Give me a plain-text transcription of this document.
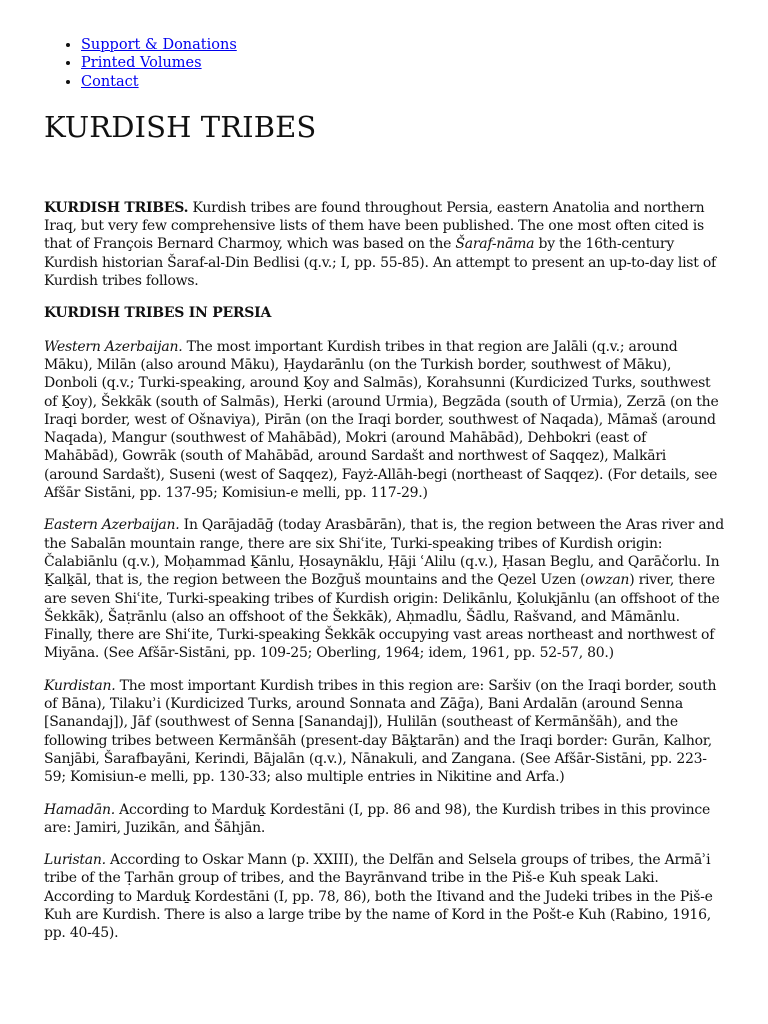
• Support & Donations
• Printed Volumes
• Contact
KURDISH TRIBES

KURDISH TRIBES. Kurdish tribes are found throughout Persia, eastern Anatolia and northern Iraq, but very few comprehensive lists of them have been published. The one most often cited is that of François Bernard Charmoy, which was based on the Šaraf-nāma by the 16th-century Kurdish historian Šaraf-al-Din Bedlisi (q.v.; I, pp. 55-85). An attempt to present an up-to-day list of Kurdish tribes follows.

KURDISH TRIBES IN PERSIA

Western Azerbaijan. The most important Kurdish tribes in that region are Jalāli (q.v.; around Māku), Milān (also around Māku), Ḥaydarānlu (on the Turkish border, southwest of Māku), Donboli (q.v.; Turki-speaking, around Ḵoy and Salmās), Korahsunni (Kurdicized Turks, southwest of Ḵoy), Šekkāk (south of Salmās), Herki (around Urmia), Begzāda (south of Urmia), Zerzā (on the Iraqi border, west of Ošnaviya), Pirān (on the Iraqi border, southwest of Naqada), Māmaš (around Naqada), Mangur (southwest of Mahābād), Mokri (around Mahābād), Dehbokri (east of Mahābād), Gowrāk (south of Mahābād, around Sardašt and northwest of Saqqez), Malkāri (around Sardašt), Suseni (west of Saqqez), Fayż-Allāh-begi (northeast of Saqqez). (For details, see Afšār Sistāni, pp. 137-95; Komisiun-e melli, pp. 117-29.)

Eastern Azerbaijan. In Qarājadāḡ (today Arasbārān), that is, the region between the Aras river and the Sabalān mountain range, there are six Shiʿite, Turki-speaking tribes of Kurdish origin: Čalabiānlu (q.v.), Moḥammad Ḵānlu, Ḥosaynāklu, Ḥāji ʿAlilu (q.v.), Ḥasan Beglu, and Qarāčorlu. In Ḵalḵāl, that is, the region between the Bozḡuš mountains and the Qezel Uzen (owzan) river, there are seven Shiʿite, Turki-speaking tribes of Kurdish origin: Delikānlu, Ḵolukjānlu (an offshoot of the Šekkāk), Šaṭrānlu (also an offshoot of the Šekkāk), Aḥmadlu, Šādlu, Rašvand, and Māmānlu. Finally, there are Shiʿite, Turki-speaking Šekkāk occupying vast areas northeast and northwest of Miyāna. (See Afšār-Sistāni, pp. 109-25; Oberling, 1964; idem, 1961, pp. 52-57, 80.)

Kurdistan. The most important Kurdish tribes in this region are: Saršiv (on the Iraqi border, south of Bāna), Tilakuʾi (Kurdicized Turks, around Sonnata and Zāḡa), Bani Ardalān (around Senna [Sanandaj]), Jāf (southwest of Senna [Sanandaj]), Hulilān (southeast of Kermānšāh), and the following tribes between Kermānšāh (present-day Bāḵtarān) and the Iraqi border: Gurān, Kalhor, Sanjābi, Šarafbayāni, Kerindi, Bājalān (q.v.), Nānakuli, and Zangana. (See Afšār-Sistāni, pp. 223-59; Komisiun-e melli, pp. 130-33; also multiple entries in Nikitine and Arfa.)

Hamadān. According to Marduḵ Kordestāni (I, pp. 86 and 98), the Kurdish tribes in this province are: Jamiri, Juzikān, and Šāhjān.

Luristan. According to Oskar Mann (p. XXIII), the Delfān and Selsela groups of tribes, the Armāʾi tribe of the Ṭarhān group of tribes, and the Bayrānvand tribe in the Piš-e Kuh speak Laki. According to Marduḵ Kordestāni (I, pp. 78, 86), both the Itivand and the Judeki tribes in the Piš-e Kuh are Kurdish. There is also a large tribe by the name of Kord in the Pošt-e Kuh (Rabino, 1916, pp. 40-45).
